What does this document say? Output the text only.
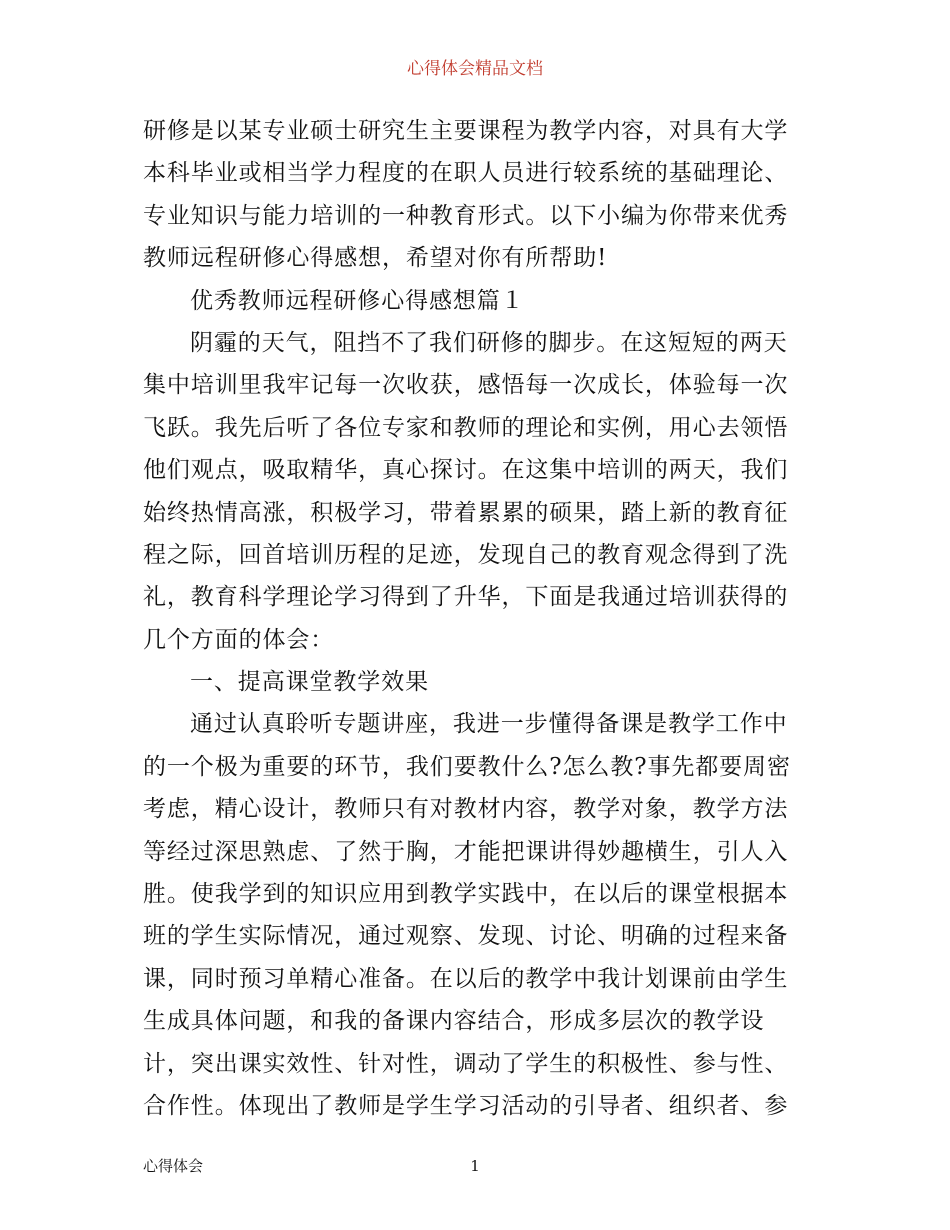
心得体会精品文档
研修是以某专业硕士研究生主要课程为教学内容，对具有大学
本科毕业或相当学力程度的在职人员进行较系统的基础理论、
专业知识与能力培训的一种教育形式。以下小编为你带来优秀
教师远程研修心得感想，希望对你有所帮助!
优秀教师远程研修心得感想篇１
阴霾的天气，阻挡不了我们研修的脚步。在这短短的两天
集中培训里我牢记每一次收获，感悟每一次成长，体验每一次
飞跃。我先后听了各位专家和教师的理论和实例，用心去领悟
他们观点，吸取精华，真心探讨。在这集中培训的两天，我们
始终热情高涨，积极学习，带着累累的硕果，踏上新的教育征
程之际，回首培训历程的足迹，发现自己的教育观念得到了洗
礼，教育科学理论学习得到了升华，下面是我通过培训获得的
几个方面的体会：
一、提高课堂教学效果
通过认真聆听专题讲座，我进一步懂得备课是教学工作中
的一个极为重要的环节，我们要教什么?怎么教?事先都要周密
考虑，精心设计，教师只有对教材内容，教学对象，教学方法
等经过深思熟虑、了然于胸，才能把课讲得妙趣横生，引人入
胜。使我学到的知识应用到教学实践中，在以后的课堂根据本
班的学生实际情况，通过观察、发现、讨论、明确的过程来备
课，同时预习单精心准备。在以后的教学中我计划课前由学生
生成具体问题，和我的备课内容结合，形成多层次的教学设
计，突出课实效性、针对性，调动了学生的积极性、参与性、
合作性。体现出了教师是学生学习活动的引导者、组织者、参
心得体会	1
